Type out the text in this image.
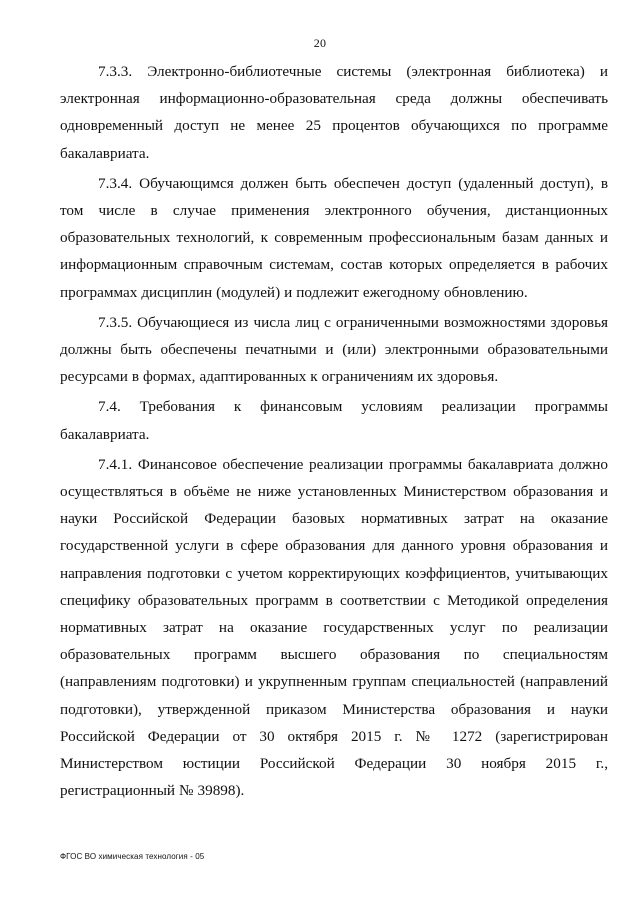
20

7.3.3. Электронно-библиотечные системы (электронная библиотека) и электронная информационно-образовательная среда должны обеспечивать одновременный доступ не менее 25 процентов обучающихся по программе бакалавриата.

7.3.4. Обучающимся должен быть обеспечен доступ (удаленный доступ), в том числе в случае применения электронного обучения, дистанционных образовательных технологий, к современным профессиональным базам данных и информационным справочным системам, состав которых определяется в рабочих программах дисциплин (модулей) и подлежит ежегодному обновлению.

7.3.5. Обучающиеся из числа лиц с ограниченными возможностями здоровья должны быть обеспечены печатными и (или) электронными образовательными ресурсами в формах, адаптированных к ограничениям их здоровья.

7.4. Требования к финансовым условиям реализации программы бакалавриата.

7.4.1. Финансовое обеспечение реализации программы бакалавриата должно осуществляться в объёме не ниже установленных Министерством образования и науки Российской Федерации базовых нормативных затрат на оказание государственной услуги в сфере образования для данного уровня образования и направления подготовки с учетом корректирующих коэффициентов, учитывающих специфику образовательных программ в соответствии с Методикой определения нормативных затрат на оказание государственных услуг по реализации образовательных программ высшего образования по специальностям (направлениям подготовки) и укрупненным группам специальностей (направлений подготовки), утвержденной приказом Министерства образования и науки Российской Федерации от 30 октября 2015 г. № 1272 (зарегистрирован Министерством юстиции Российской Федерации 30 ноября 2015 г., регистрационный № 39898).

ФГОС ВО химическая технология - 05
